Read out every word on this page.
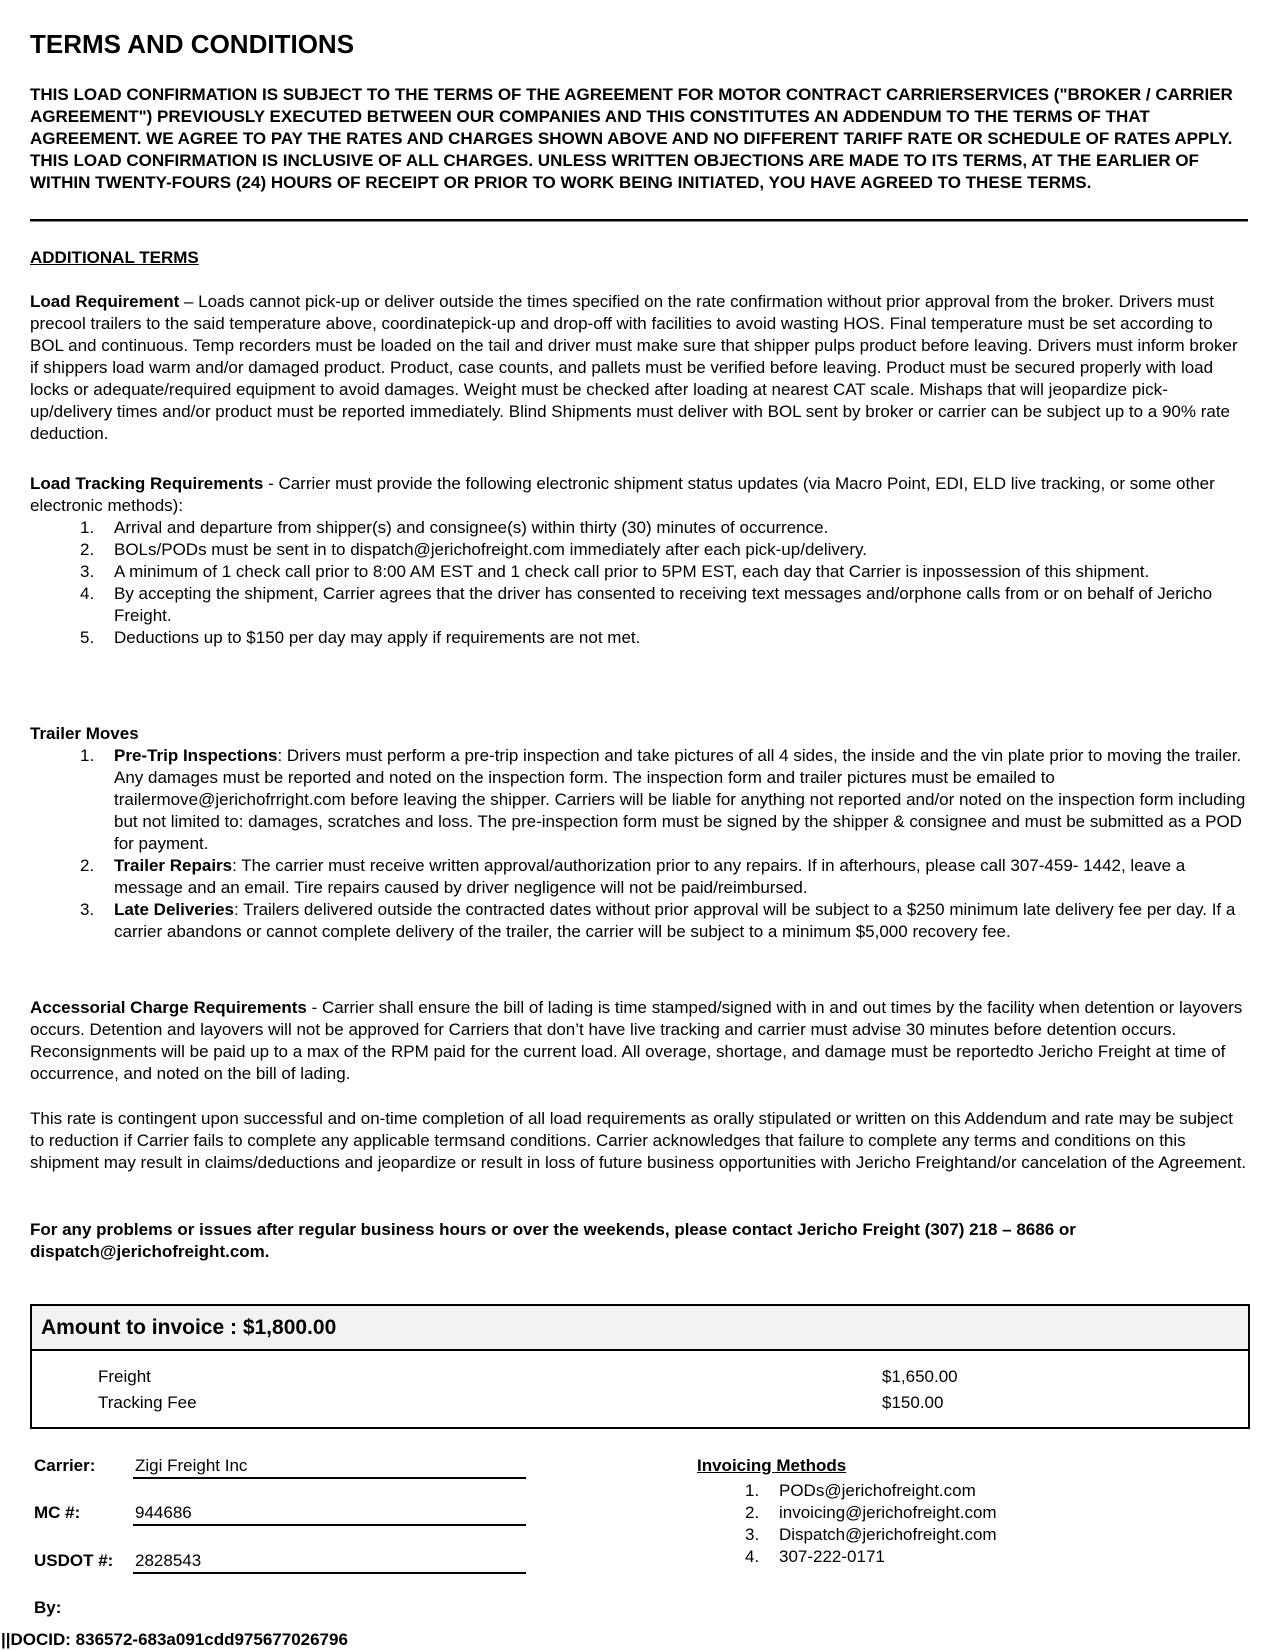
TERMS AND CONDITIONS
THIS LOAD CONFIRMATION IS SUBJECT TO THE TERMS OF THE AGREEMENT FOR MOTOR CONTRACT CARRIERSERVICES ("BROKER / CARRIER AGREEMENT") PREVIOUSLY EXECUTED BETWEEN OUR COMPANIES AND THIS CONSTITUTES AN ADDENDUM TO THE TERMS OF THAT AGREEMENT. WE AGREE TO PAY THE RATES AND CHARGES SHOWN ABOVE AND NO DIFFERENT TARIFF RATE OR SCHEDULE OF RATES APPLY. THIS LOAD CONFIRMATION IS INCLUSIVE OF ALL CHARGES. UNLESS WRITTEN OBJECTIONS ARE MADE TO ITS TERMS, AT THE EARLIER OF WITHIN TWENTY-FOURS (24) HOURS OF RECEIPT OR PRIOR TO WORK BEING INITIATED, YOU HAVE AGREED TO THESE TERMS.
ADDITIONAL TERMS
Load Requirement – Loads cannot pick-up or deliver outside the times specified on the rate confirmation without prior approval from the broker. Drivers must precool trailers to the said temperature above, coordinatepick-up and drop-off with facilities to avoid wasting HOS. Final temperature must be set according to BOL and continuous. Temp recorders must be loaded on the tail and driver must make sure that shipper pulps product before leaving. Drivers must inform broker if shippers load warm and/or damaged product. Product, case counts, and pallets must be verified before leaving. Product must be secured properly with load locks or adequate/required equipment to avoid damages. Weight must be checked after loading at nearest CAT scale. Mishaps that will jeopardize pick-up/delivery times and/or product must be reported immediately. Blind Shipments must deliver with BOL sent by broker or carrier can be subject up to a 90% rate deduction.
Load Tracking Requirements - Carrier must provide the following electronic shipment status updates (via Macro Point, EDI, ELD live tracking, or some other electronic methods):
1.	Arrival and departure from shipper(s) and consignee(s) within thirty (30) minutes of occurrence.
2.	BOLs/PODs must be sent in to dispatch@jerichofreight.com immediately after each pick-up/delivery.
3.	A minimum of 1 check call prior to 8:00 AM EST and 1 check call prior to 5PM EST, each day that Carrier is inpossession of this shipment.
4.	By accepting the shipment, Carrier agrees that the driver has consented to receiving text messages and/orphone calls from or on behalf of Jericho Freight.
5.	Deductions up to $150 per day may apply if requirements are not met.
Trailer Moves
1.	Pre-Trip Inspections: Drivers must perform a pre-trip inspection and take pictures of all 4 sides, the inside and the vin plate prior to moving the trailer. Any damages must be reported and noted on the inspection form. The inspection form and trailer pictures must be emailed to trailermove@jerichofrright.com before leaving the shipper. Carriers will be liable for anything not reported and/or noted on the inspection form including but not limited to: damages, scratches and loss. The pre-inspection form must be signed by the shipper & consignee and must be submitted as a POD for payment.
2.	Trailer Repairs: The carrier must receive written approval/authorization prior to any repairs. If in afterhours, please call 307-459- 1442, leave a message and an email. Tire repairs caused by driver negligence will not be paid/reimbursed.
3.	Late Deliveries: Trailers delivered outside the contracted dates without prior approval will be subject to a $250 minimum late delivery fee per day. If a carrier abandons or cannot complete delivery of the trailer, the carrier will be subject to a minimum $5,000 recovery fee.
Accessorial Charge Requirements - Carrier shall ensure the bill of lading is time stamped/signed with in and out times by the facility when detention or layovers occurs. Detention and layovers will not be approved for Carriers that don’t have live tracking and carrier must advise 30 minutes before detention occurs. Reconsignments will be paid up to a max of the RPM paid for the current load. All overage, shortage, and damage must be reportedto Jericho Freight at time of occurrence, and noted on the bill of lading.
This rate is contingent upon successful and on-time completion of all load requirements as orally stipulated or written on this Addendum and rate may be subject to reduction if Carrier fails to complete any applicable termsand conditions. Carrier acknowledges that failure to complete any terms and conditions on this shipment may result in claims/deductions and jeopardize or result in loss of future business opportunities with Jericho Freightand/or cancelation of the Agreement.
For any problems or issues after regular business hours or over the weekends, please contact Jericho Freight (307) 218 – 8686 or dispatch@jerichofreight.com.
Amount to invoice : $1,800.00
Freight	$1,650.00
Tracking Fee	$150.00
Carrier: Zigi Freight Inc
MC #:	944686
USDOT #: 2828543
By:
Invoicing Methods
1.	PODs@jerichofreight.com
2.	invoicing@jerichofreight.com
3.	Dispatch@jerichofreight.com
4.	307-222-0171
||DOCID: 836572-683a091cdd975677026796
